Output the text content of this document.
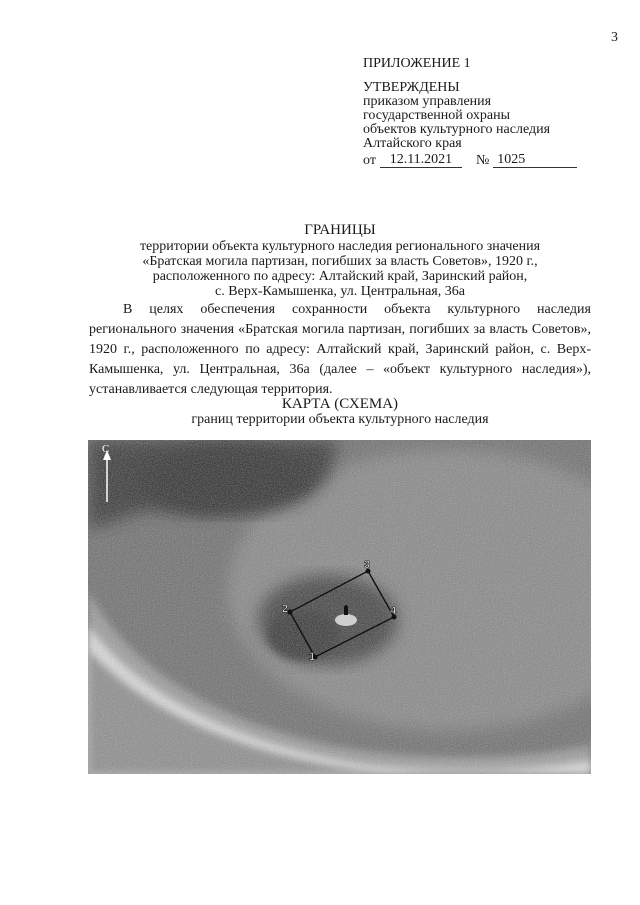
3
ПРИЛОЖЕНИЕ 1
УТВЕРЖДЕНЫ
приказом управления
государственной охраны
объектов культурного наследия
Алтайского края
от 12.11.2021	№ 1025
ГРАНИЦЫ
территории объекта культурного наследия регионального значения
«Братская могила партизан, погибших за власть Советов», 1920 г.,
расположенного по адресу: Алтайский край, Заринский район,
с. Верх-Камышенка, ул. Центральная, 36а
В целях обеспечения сохранности объекта культурного наследия регионального значения «Братская могила партизан, погибших за власть Советов», 1920 г., расположенного по адресу: Алтайский край, Заринский район, с. Верх-Камышенка, ул. Центральная, 36а (далее – «объект культурного наследия»), устанавливается следующая территория.
КАРТА (СХЕМА)
границ территории объекта культурного наследия
С
1
2
3
4
